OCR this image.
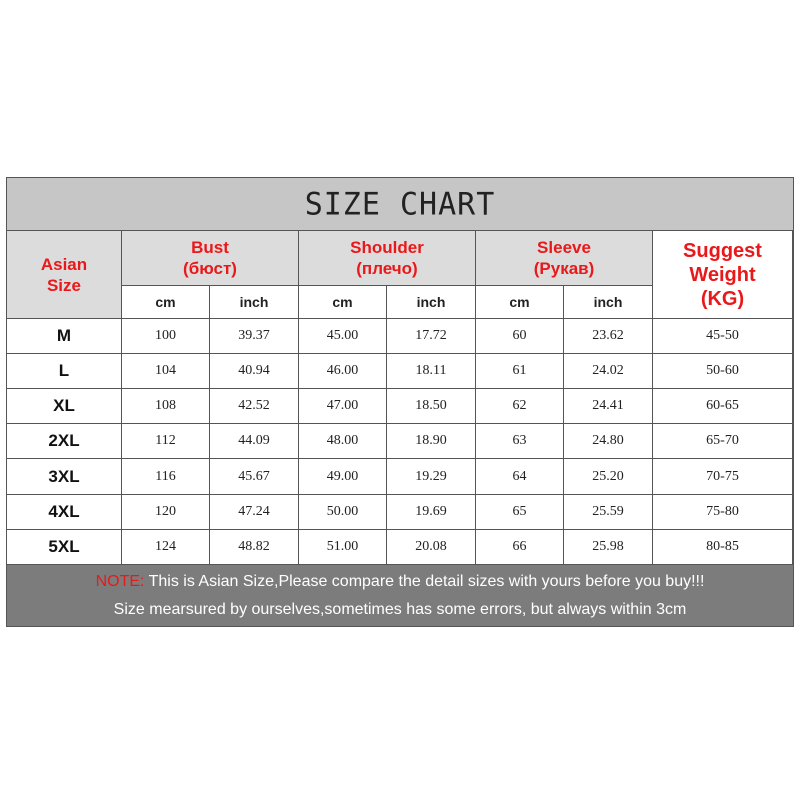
SIZE CHART
Asian
Size
Bust
(бюст)
Shoulder
(плечо)
Sleeve
(Рукав)
Suggest
Weight
(KG)
cm	inch	cm	inch	cm	inch
M	100	39.37	45.00	17.72	60	23.62	45-50
L	104	40.94	46.00	18.11	61	24.02	50-60
XL	108	42.52	47.00	18.50	62	24.41	60-65
2XL	112	44.09	48.00	18.90	63	24.80	65-70
3XL	116	45.67	49.00	19.29	64	25.20	70-75
4XL	120	47.24	50.00	19.69	65	25.59	75-80
5XL	124	48.82	51.00	20.08	66	25.98	80-85
NOTE: This is Asian Size,Please compare the detail sizes with yours before you buy!!!
Size mearsured by ourselves,sometimes has some errors, but always within 3cm
